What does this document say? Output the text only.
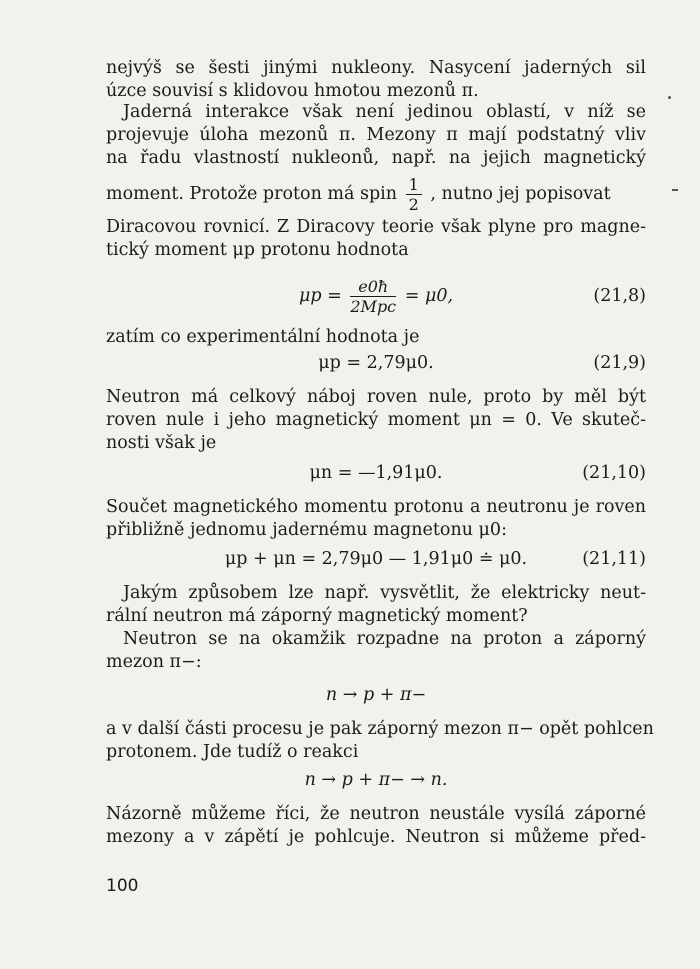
nejvýš se šesti jinými nukleony. Nasycení jaderných sil
úzce souvisí s klidovou hmotou mezonů π.
Jaderná interakce však není jedinou oblastí, v níž se
projevuje úloha mezonů π. Mezony π mají podstatný vliv
na řadu vlastností nukleonů, např. na jejich magnetický
moment. Protože proton má spin $\frac{1}{2}$ , nutno jej popisovat
Diracovou rovnicí. Z Diracovy teorie však plyne pro magne-
tický moment μp protonu hodnota
$\mu p = \frac{e0ħ}{\text{2Mpc}} = \mu 0$,	(21,8)
zatím co experimentální hodnota je
μp = 2,79μ0.	(21,9)
Neutron má celkový náboj roven nule, proto by měl být
roven nule i jeho magnetický moment μn = 0. Ve skuteč-
nosti však je
μn = —1,91μ0.	(21,10)
Součet magnetického momentu protonu a neutronu je roven
přibližně jednomu jadernému magnetonu μ0:
μp + μn = 2,79μ0 — 1,91μ0 ≐ μ0.	(21,11)
Jakým způsobem lze např. vysvětlit, že elektricky neut-
rální neutron má záporný magnetický moment?
Neutron se na okamžik rozpadne na proton a záporný
mezon π−:
n → p + π−
a v další části procesu je pak záporný mezon π− opět pohlcen
protonem. Jde tudíž o reakci
n → p + π− → n.
Názorně můžeme říci, že neutron neustále vysílá záporné
mezony a v zápětí je pohlcuje. Neutron si můžeme před-
100
